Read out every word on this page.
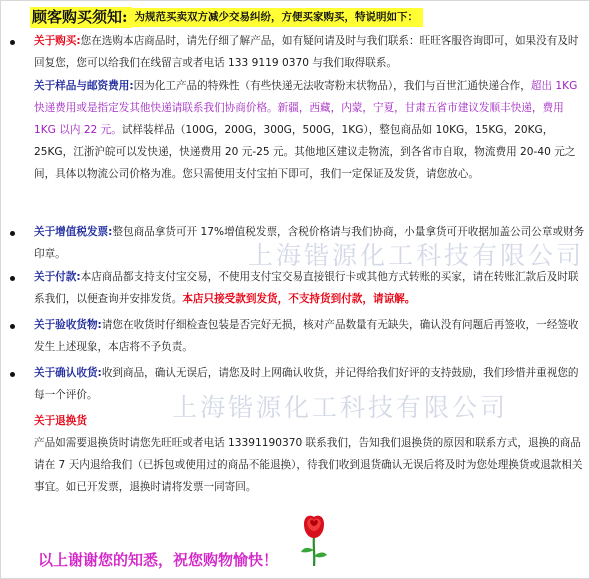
顾客购买须知: 为规范买卖双方减少交易纠纷，方便买家购买，特说明如下：
上海锴源化工科技有限公司
上海锴源化工科技有限公司
关于购买:您在选购本店商品时，请先仔细了解产品，如有疑问请及时与我们联系：旺旺客服咨询即可，如果没有及时回复您，您可以给我们在线留言或者电话 133 9119 0370 与我们取得联系。
关于样品与邮资费用:因为化工产品的特殊性（有些快递无法收寄粉末状物品），我们与百世汇通快递合作，超出 1KG 快递费用或是指定发其他快递请联系我们协商价格。新疆，西藏，内蒙，宁夏，甘肃五省市建议发顺丰快递，费用 1KG 以内 22 元。试样装样品（100G，200G，300G，500G，1KG），整包商品如 10KG，15KG，20KG，25KG，江浙沪皖可以发快递，快递费用 20 元-25 元。其他地区建议走物流，到各省市自取，物流费用 20-40 元之间，具体以物流公司价格为准。您只需使用支付宝拍下即可，我们一定保证及发货，请您放心。
关于增值税发票:整包商品拿货可开 17%增值税发票，含税价格请与我们协商，小量拿货可开收据加盖公司公章或财务印章。
关于付款:本店商品都支持支付宝交易，不使用支付宝交易直接银行卡或其他方式转账的买家，请在转账汇款后及时联系我们，以便查询并安排发货。本店只接受款到发货，不支持货到付款，请谅解。
关于验收货物:请您在收货时仔细检查包装是否完好无损，核对产品数量有无缺失，确认没有问题后再签收，一经签收发生上述现象，本店将不予负责。
关于确认收货:收到商品，确认无误后，请您及时上网确认收货，并记得给我们好评的支持鼓励，我们珍惜并重视您的每一个评价。
关于退换货
产品如需要退换货时请您先旺旺或者电话 13391190370 联系我们，告知我们退换货的原因和联系方式，退换的商品请在 7 天内退给我们（已拆包或使用过的商品不能退换），待我们收到退货确认无误后将及时为您处理换货或退款相关事宜。如已开发票，退换时请将发票一同寄回。
以上谢谢您的知悉，祝您购物愉快！
